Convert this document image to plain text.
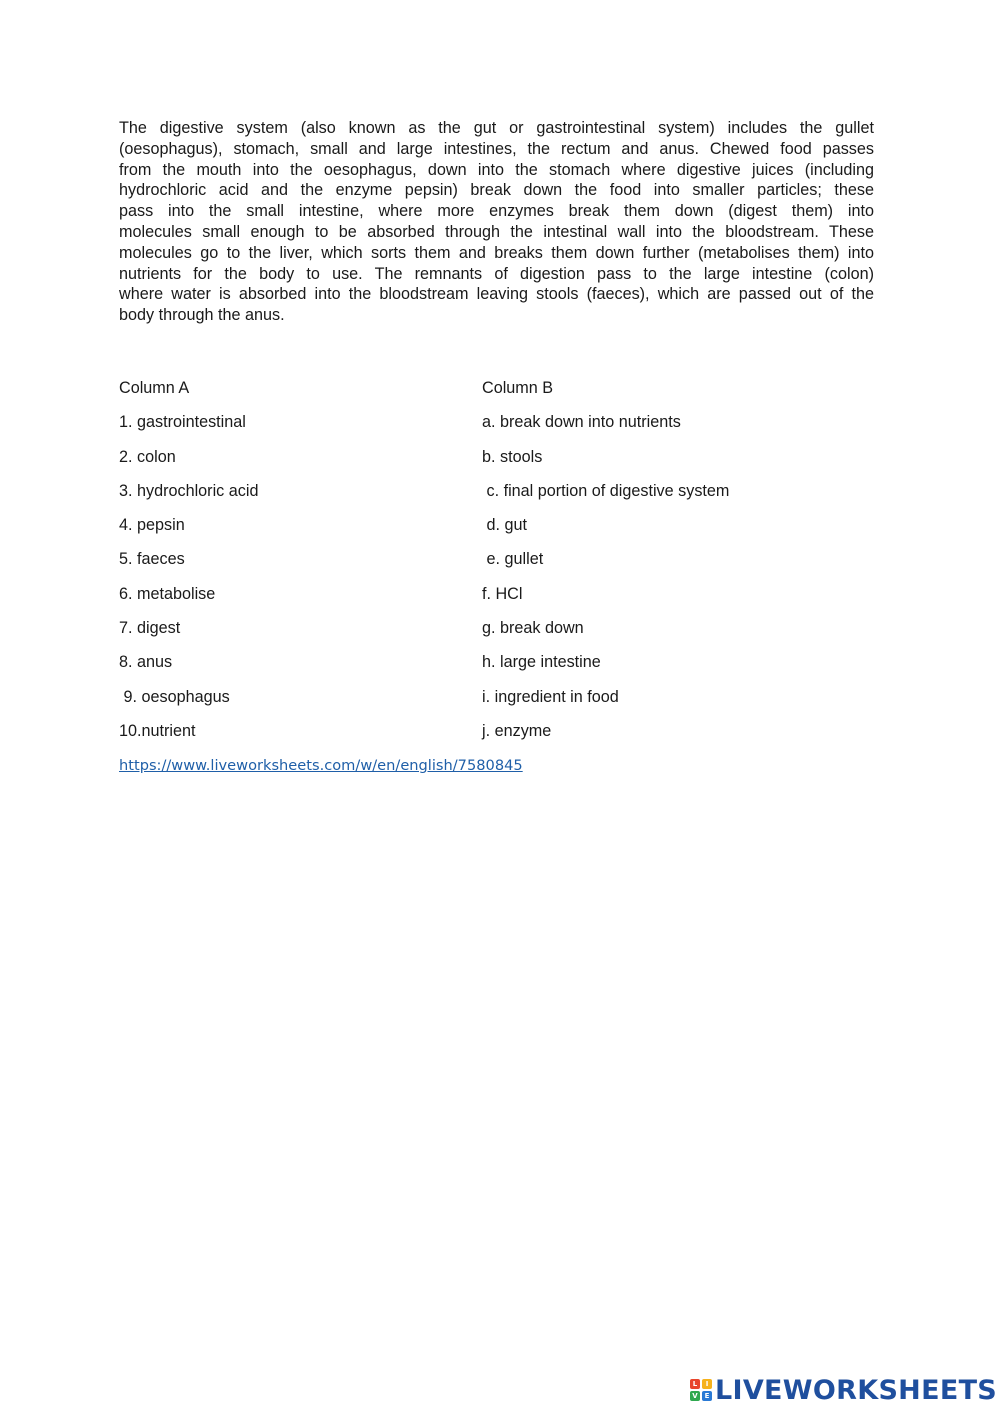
The digestive system (also known as the gut or gastrointestinal system) includes the gullet
(oesophagus), stomach, small and large intestines, the rectum and anus. Chewed food passes
from the mouth into the oesophagus, down into the stomach where digestive juices (including
hydrochloric acid and the enzyme pepsin) break down the food into smaller particles; these
pass into the small intestine, where more enzymes break them down (digest them) into
molecules small enough to be absorbed through the intestinal wall into the bloodstream. These
molecules go to the liver, which sorts them and breaks them down further (metabolises them) into
nutrients for the body to use. The remnants of digestion pass to the large intestine (colon)
where water is absorbed into the bloodstream leaving stools (faeces), which are passed out of the
body through the anus.
Column A	Column B
1. gastrointestinal	a. break down into nutrients
2. colon	b. stools
3. hydrochloric acid	c. final portion of digestive system
4. pepsin	d. gut
5. faeces	e. gullet
6. metabolise	f. HCl
7. digest	g. break down
8. anus	h. large intestine
9. oesophagus	i. ingredient in food
10.nutrient	j. enzyme
https://www.liveworksheets.com/w/en/english/7580845
L	I
V E LIVEWORKSHEETS
